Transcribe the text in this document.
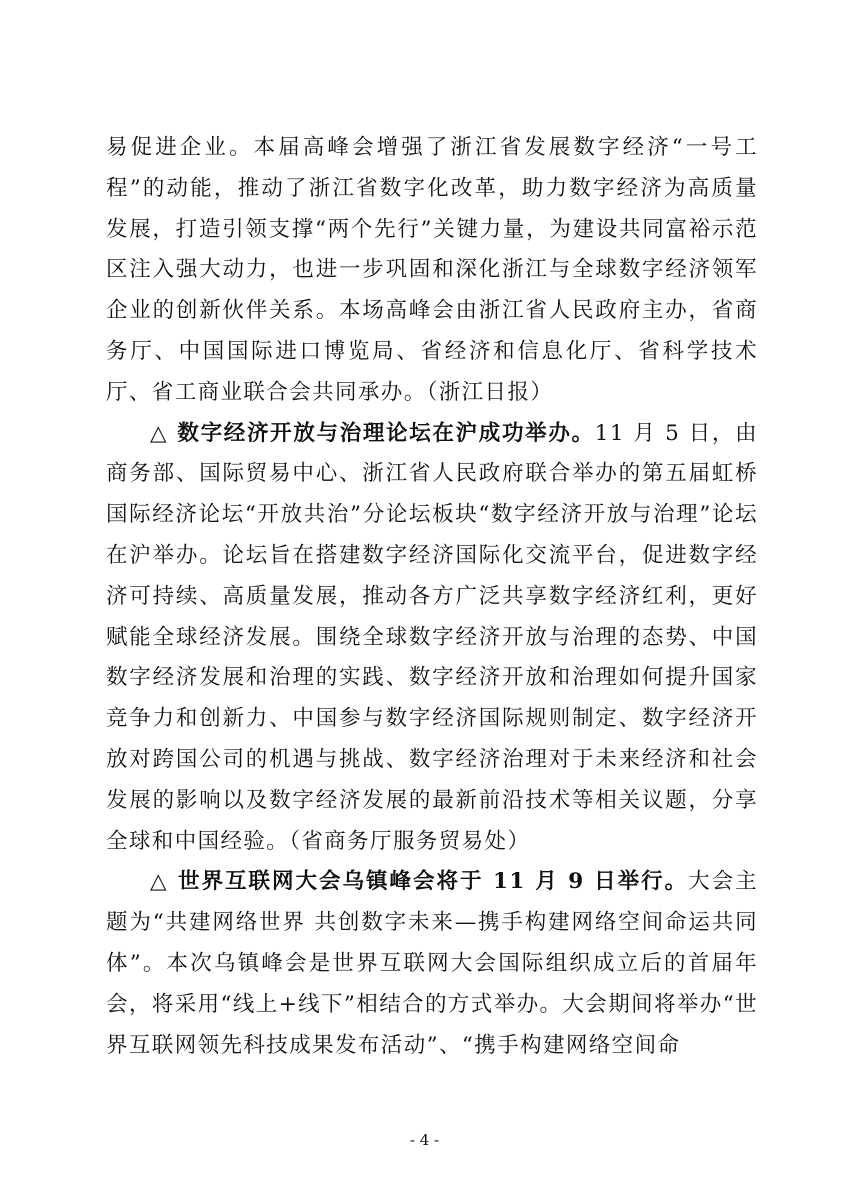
易促进企业。本届高峰会增强了浙江省发展数字经济“一号工程”的动能，推动了浙江省数字化改革，助力数字经济为高质量发展，打造引领支撑“两个先行”关键力量，为建设共同富裕示范区注入强大动力，也进一步巩固和深化浙江与全球数字经济领军企业的创新伙伴关系。本场高峰会由浙江省人民政府主办，省商务厅、中国国际进口博览局、省经济和信息化厅、省科学技术厅、省工商业联合会共同承办。（浙江日报）

△ 数字经济开放与治理论坛在沪成功举办。11 月 5 日，由商务部、国际贸易中心、浙江省人民政府联合举办的第五届虹桥国际经济论坛“开放共治”分论坛板块“数字经济开放与治理”论坛在沪举办。论坛旨在搭建数字经济国际化交流平台，促进数字经济可持续、高质量发展，推动各方广泛共享数字经济红利，更好赋能全球经济发展。围绕全球数字经济开放与治理的态势、中国数字经济发展和治理的实践、数字经济开放和治理如何提升国家竞争力和创新力、中国参与数字经济国际规则制定、数字经济开放对跨国公司的机遇与挑战、数字经济治理对于未来经济和社会发展的影响以及数字经济发展的最新前沿技术等相关议题，分享全球和中国经验。（省商务厅服务贸易处）

△ 世界互联网大会乌镇峰会将于 11 月 9 日举行。大会主题为“共建网络世界 共创数字未来—携手构建网络空间命运共同体”。本次乌镇峰会是世界互联网大会国际组织成立后的首届年会，将采用“线上+线下”相结合的方式举办。大会期间将举办“世界互联网领先科技成果发布活动”、“携手构建网络空间命

- 4 -
